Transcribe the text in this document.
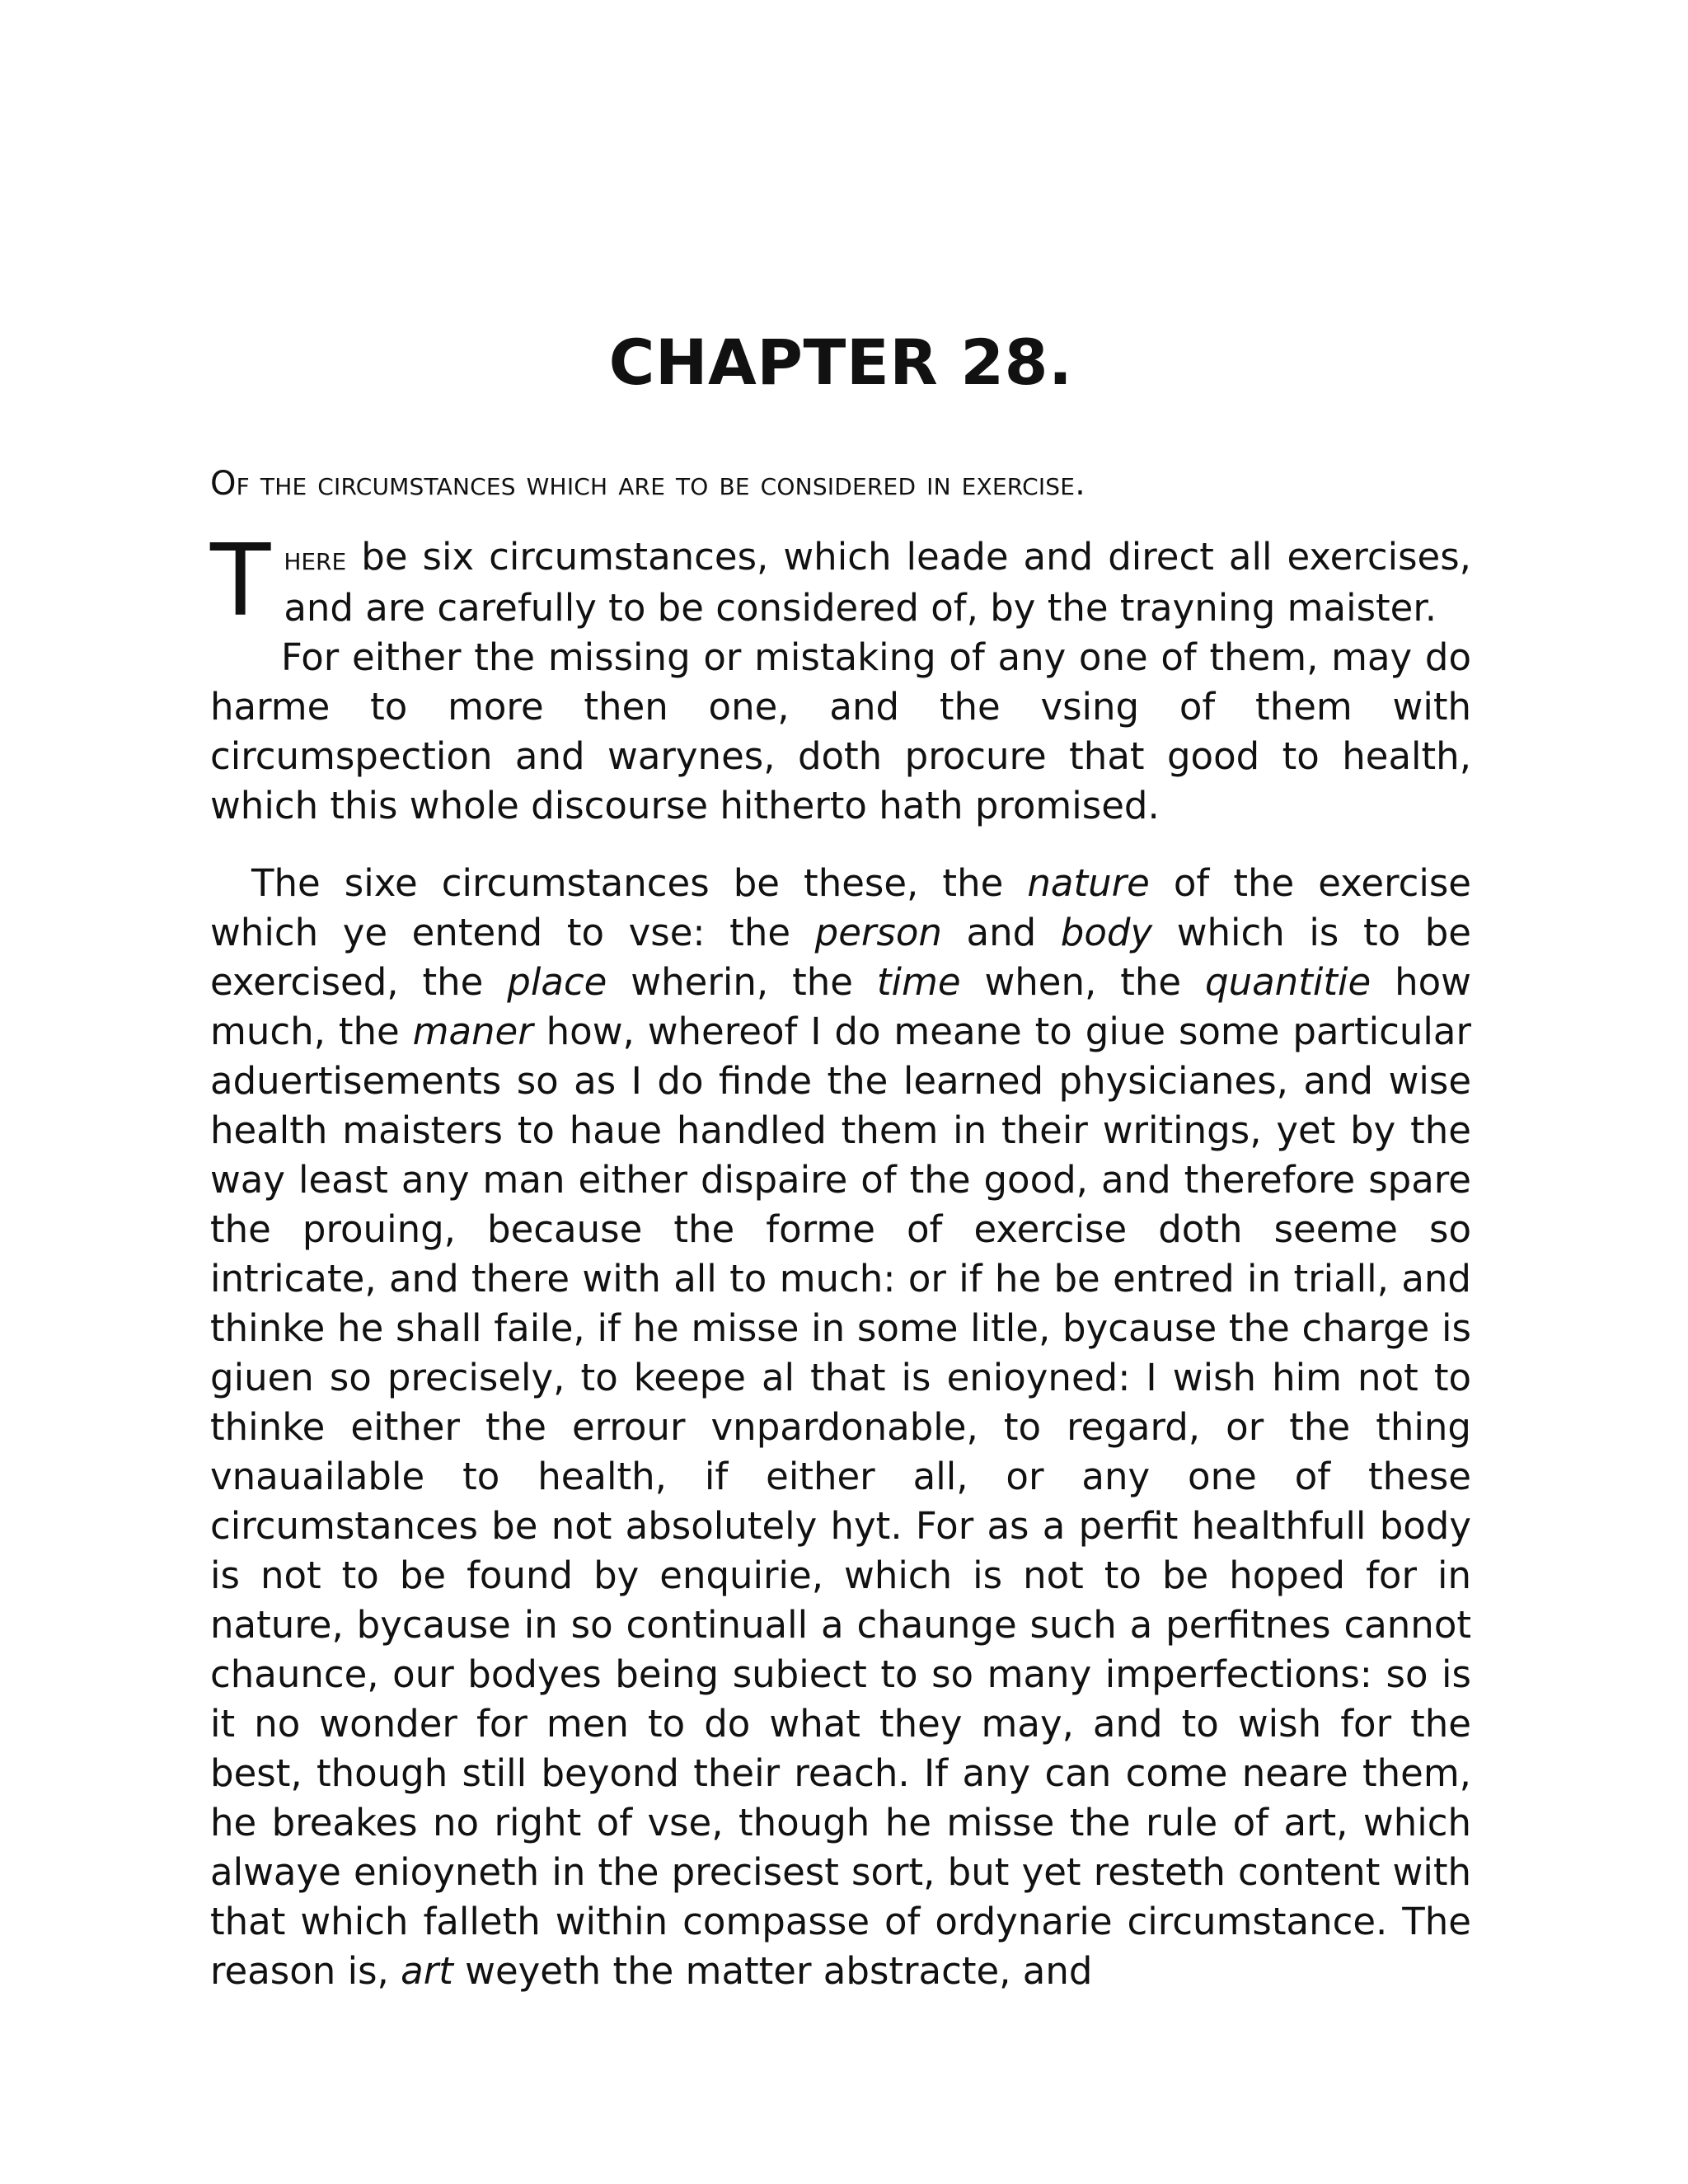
CHAPTER 28.
Of the circumstances which are to be considered in exercise.

There be six circumstances, which leade and direct all exercises, and are carefully to be considered of, by the trayning maister.
For either the missing or mistaking of any one of them, may do harme to more then one, and the vsing of them with circumspection and warynes, doth procure that good to health, which this whole discourse hitherto hath promised.

The sixe circumstances be these, the nature of the exercise which ye entend to vse: the person and body which is to be exercised, the place wherin, the time when, the quantitie how much, the maner how, whereof I do meane to giue some particular aduertisements so as I do finde the learned physicianes, and wise health maisters to haue handled them in their writings, yet by the way least any man either dispaire of the good, and therefore spare the prouing, because the forme of exercise doth seeme so intricate, and there with all to much: or if he be entred in triall, and thinke he shall faile, if he misse in some litle, bycause the charge is giuen so precisely, to keepe al that is enioyned: I wish him not to thinke either the errour vnpardonable, to regard, or the thing vnauailable to health, if either all, or any one of these circumstances be not absolutely hyt. For as a perfit healthfull body is not to be found by enquirie, which is not to be hoped for in nature, bycause in so continuall a chaunge such a perfitnes cannot chaunce, our bodyes being subiect to so many imperfections: so is it no wonder for men to do what they may, and to wish for the best, though still beyond their reach. If any can come neare them, he breakes no right of vse, though he misse the rule of art, which alwaye enioyneth in the precisest sort, but yet resteth content with that which falleth within compasse of ordynarie circumstance. The reason is, art weyeth the matter abstracte, and
